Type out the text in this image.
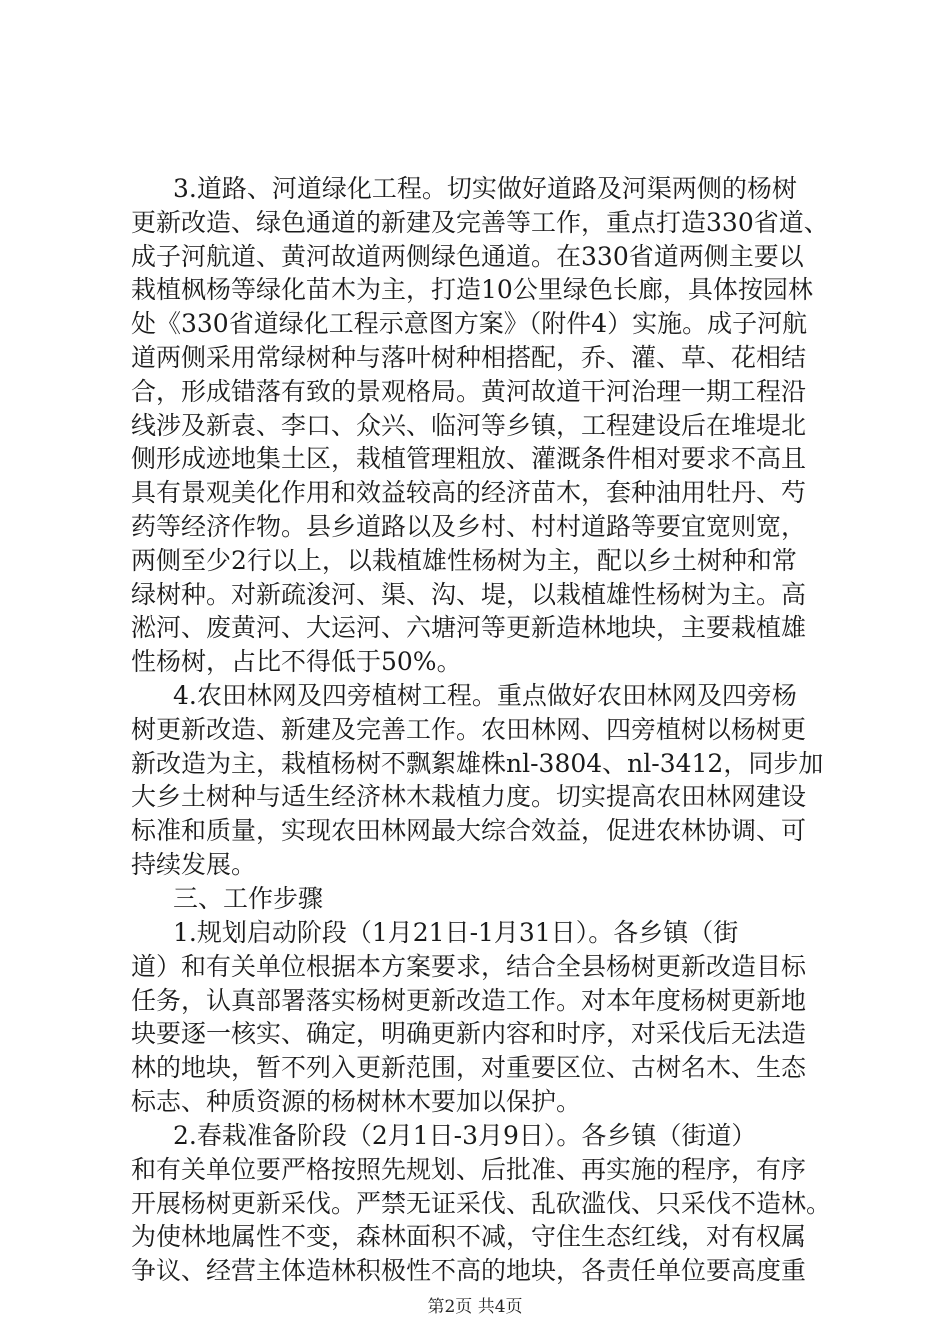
3.道路、河道绿化工程。切实做好道路及河渠两侧的杨树
更新改造、绿色通道的新建及完善等工作，重点打造330省道、
成子河航道、黄河故道两侧绿色通道。在330省道两侧主要以
栽植枫杨等绿化苗木为主，打造10公里绿色长廊，具体按园林
处《330省道绿化工程示意图方案》（附件4）实施。成子河航
道两侧采用常绿树种与落叶树种相搭配，乔、灌、草、花相结
合，形成错落有致的景观格局。黄河故道干河治理一期工程沿
线涉及新袁、李口、众兴、临河等乡镇，工程建设后在堆堤北
侧形成迹地集土区，栽植管理粗放、灌溉条件相对要求不高且
具有景观美化作用和效益较高的经济苗木，套种油用牡丹、芍
药等经济作物。县乡道路以及乡村、村村道路等要宜宽则宽，
两侧至少2行以上，以栽植雄性杨树为主，配以乡土树种和常
绿树种。对新疏浚河、渠、沟、堤，以栽植雄性杨树为主。高
淞河、废黄河、大运河、六塘河等更新造林地块，主要栽植雄
性杨树，占比不得低于50%。
4.农田林网及四旁植树工程。重点做好农田林网及四旁杨
树更新改造、新建及完善工作。农田林网、四旁植树以杨树更
新改造为主，栽植杨树不飘絮雄株nl-3804、nl-3412，同步加
大乡土树种与适生经济林木栽植力度。切实提高农田林网建设
标准和质量，实现农田林网最大综合效益，促进农林协调、可
持续发展。
三、工作步骤
1.规划启动阶段（1月21日-1月31日）。各乡镇（街
道）和有关单位根据本方案要求，结合全县杨树更新改造目标
任务，认真部署落实杨树更新改造工作。对本年度杨树更新地
块要逐一核实、确定，明确更新内容和时序，对采伐后无法造
林的地块，暂不列入更新范围，对重要区位、古树名木、生态
标志、种质资源的杨树林木要加以保护。
2.春栽准备阶段（2月1日-3月9日）。各乡镇（街道）
和有关单位要严格按照先规划、后批准、再实施的程序，有序
开展杨树更新采伐。严禁无证采伐、乱砍滥伐、只采伐不造林。
为使林地属性不变，森林面积不减，守住生态红线，对有权属
争议、经营主体造林积极性不高的地块，各责任单位要高度重
第2页 共4页
